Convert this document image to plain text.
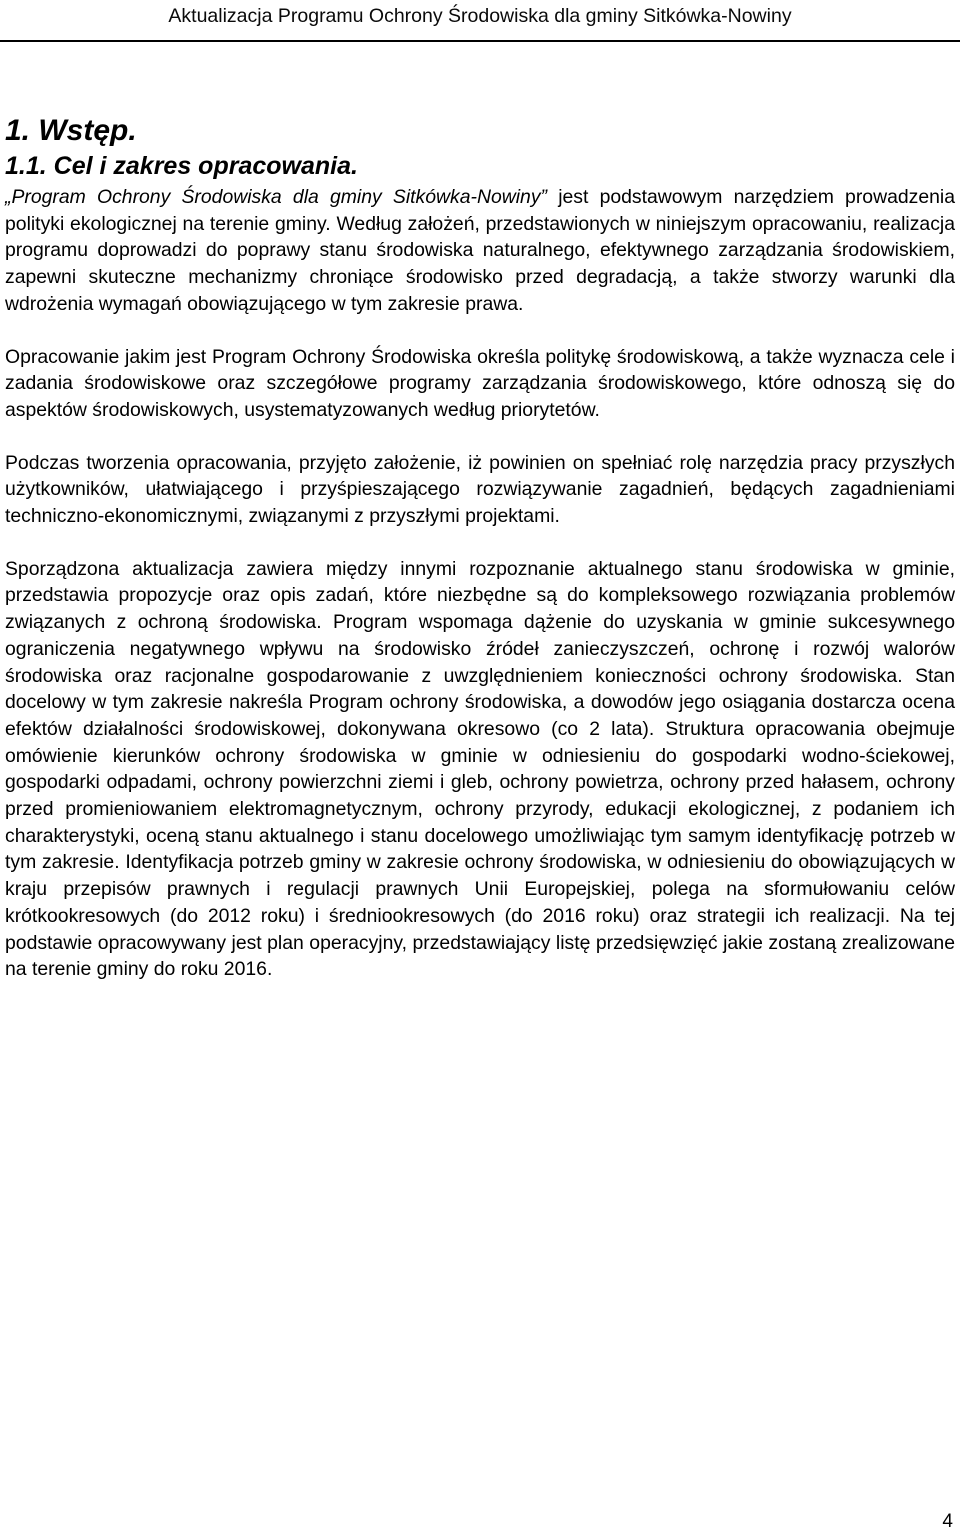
Aktualizacja Programu Ochrony Środowiska dla gminy Sitkówka-Nowiny
1. Wstęp.
1.1. Cel i zakres opracowania.

„Program Ochrony Środowiska dla gminy Sitkówka-Nowiny” jest podstawowym narzędziem prowadzenia polityki ekologicznej na terenie gminy. Według założeń, przedstawionych w niniejszym opracowaniu, realizacja programu doprowadzi do poprawy stanu środowiska naturalnego, efektywnego zarządzania środowiskiem, zapewni skuteczne mechanizmy chroniące środowisko przed degradacją, a także stworzy warunki dla wdrożenia wymagań obowiązującego w tym zakresie prawa.

Opracowanie jakim jest Program Ochrony Środowiska określa politykę środowiskową, a także wyznacza cele i zadania środowiskowe oraz szczegółowe programy zarządzania środowiskowego, które odnoszą się do aspektów środowiskowych, usystematyzowanych według priorytetów.

Podczas tworzenia opracowania, przyjęto założenie, iż powinien on spełniać rolę narzędzia pracy przyszłych użytkowników, ułatwiającego i przyśpieszającego rozwiązywanie zagadnień, będących zagadnieniami techniczno-ekonomicznymi, związanymi z przyszłymi projektami.

Sporządzona aktualizacja zawiera między innymi rozpoznanie aktualnego stanu środowiska w gminie, przedstawia propozycje oraz opis zadań, które niezbędne są do kompleksowego rozwiązania problemów związanych z ochroną środowiska. Program wspomaga dążenie do uzyskania w gminie sukcesywnego ograniczenia negatywnego wpływu na środowisko źródeł zanieczyszczeń, ochronę i rozwój walorów środowiska oraz racjonalne gospodarowanie z uwzględnieniem konieczności ochrony środowiska. Stan docelowy w tym zakresie nakreśla Program ochrony środowiska, a dowodów jego osiągania dostarcza ocena efektów działalności środowiskowej, dokonywana okresowo (co 2 lata). Struktura opracowania obejmuje omówienie kierunków ochrony środowiska w gminie w odniesieniu do gospodarki wodno-ściekowej, gospodarki odpadami, ochrony powierzchni ziemi i gleb, ochrony powietrza, ochrony przed hałasem, ochrony przed promieniowaniem elektromagnetycznym, ochrony przyrody, edukacji ekologicznej, z podaniem ich charakterystyki, oceną stanu aktualnego i stanu docelowego umożliwiając tym samym identyfikację potrzeb w tym zakresie. Identyfikacja potrzeb gminy w zakresie ochrony środowiska, w odniesieniu do obowiązujących w kraju przepisów prawnych i regulacji prawnych Unii Europejskiej, polega na sformułowaniu celów krótkookresowych (do 2012 roku) i średniookresowych (do 2016 roku) oraz strategii ich realizacji. Na tej podstawie opracowywany jest plan operacyjny, przedstawiający listę przedsięwzięć jakie zostaną zrealizowane na terenie gminy do roku 2016.

4
